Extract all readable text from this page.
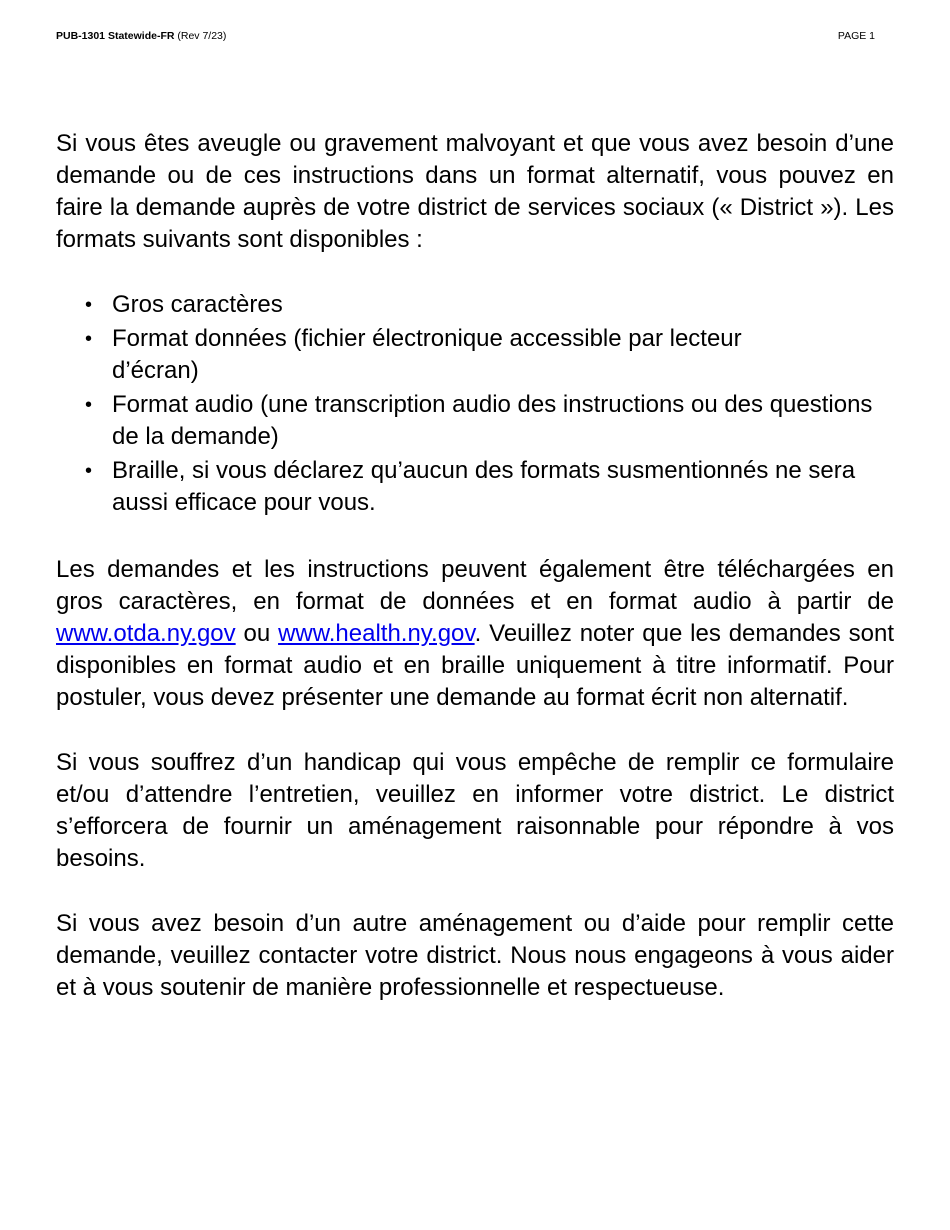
PUB-1301 Statewide-FR (Rev 7/23)	PAGE 1

Si vous êtes aveugle ou gravement malvoyant et que vous avez besoin d’une demande ou de ces instructions dans un format alternatif, vous pouvez en faire la demande auprès de votre district de services sociaux (« District »). Les formats suivants sont disponibles :

• Gros caractères
• Format données (fichier électronique accessible par lecteur d’écran)
• Format audio (une transcription audio des instructions ou des questions de la demande)
• Braille, si vous déclarez qu’aucun des formats susmentionnés ne sera aussi efficace pour vous.

Les demandes et les instructions peuvent également être téléchargées en gros caractères, en format de données et en format audio à partir de www.otda.ny.gov ou www.health.ny.gov. Veuillez noter que les demandes sont disponibles en format audio et en braille uniquement à titre informatif. Pour postuler, vous devez présenter une demande au format écrit non alternatif.

Si vous souffrez d’un handicap qui vous empêche de remplir ce formulaire et/ou d’attendre l’entretien, veuillez en informer votre district. Le district s’efforcera de fournir un aménagement raisonnable pour répondre à vos besoins.

Si vous avez besoin d’un autre aménagement ou d’aide pour remplir cette demande, veuillez contacter votre district. Nous nous engageons à vous aider et à vous soutenir de manière professionnelle et respectueuse.
